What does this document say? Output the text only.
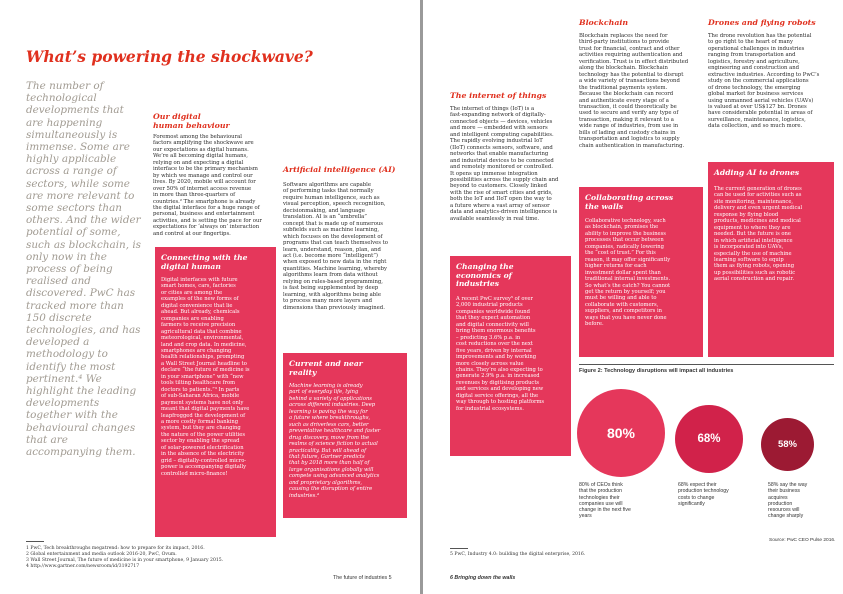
What’s powering the shockwave?
The number of technological developments that are happening simultaneously is immense. Some are highly applicable across a range of sectors, while some are more relevant to some sectors than others. And the wider potential of some, such as blockchain, is only now in the process of being realised and discovered. PwC has tracked more than 150 discrete technologies, and has developed a methodology to identify the most pertinent.⁴ We highlight the leading developments together with the behavioural changes that are accompanying them.
Our digital
human behaviour
Foremost among the behavioural
factors amplifying the shockwave are
our expectations as digital humans.
We’re all becoming digital humans,
relying on and expecting a digital
interface to be the primary mechanism
by which we manage and control our
lives. By 2020, mobile will account for
over 50% of internet access revenue
in more than three-quarters of
countries.² The smartphone is already
the digital interface for a huge range of
personal, business and entertainment
activities, and is setting the pace for our
expectations for ‘always on’ interaction
and control at our fingertips.
Artificial intelligence (AI)
Software algorithms are capable
of performing tasks that normally
require human intelligence, such as
visual perception, speech recognition,
decisionmaking, and language
translation. AI is an “umbrella”
concept that is made up of numerous
subfields such as machine learning,
which focuses on the development of
programs that can teach themselves to
learn, understand, reason, plan, and
act (i.e. become more “intelligent”)
when exposed to new data in the right
quantities. Machine learning, whereby
algorithms learn from data without
relying on rules-based programming,
is fast being supplemented by deep
learning, with algorithms being able
to process many more layers and
dimensions than previously imagined.
Connecting with the
digital human
Digital interfaces with future
smart homes, cars, factories
or cities are among the
examples of the new forms of
digital convenience that lie
ahead. But already, chemicals
companies are enabling
farmers to receive precision
agricultural data that combine
meteorological, environmental,
land and crop data. In medicine,
smartphones are changing
health relationships, prompting
a Wall Street Journal headline to
declare “the future of medicine is
in your smartphone” with “new
tools tilting healthcare from
doctors to patients.”³ In parts
of sub-Saharan Africa, mobile
payment systems have not only
meant that digital payments have
leapfrogged the development of
a more costly formal banking
system, but they are changing
the nature of the power utilities
sector by enabling the spread
of solar-powered electrification
in the absence of the electricity
grid – digitally-controlled micro-
power is accompanying digitally
controlled micro-finance!
Current and near
reality
Machine learning is already
part of everyday life, lying
behind a variety of applications
across different industries. Deep
learning is paving the way for
a future where breakthroughs,
such as driverless cars, better
preventative healthcare and faster
drug discovery, move from the
realms of science fiction to actual
practicality. But will ahead of
that future, Gartner predicts
that by 2018 more than half of
large organisations globally will
compete using advanced analytics
and proprietary algorithms,
causing the disruption of entire
industries.⁴
1 PwC, Tech breakthroughs megatrend: how to prepare for its impact, 2016.
2 Global entertainment and media outlook 2016-20, PwC, Ovum.
3 Wall Street Journal, The future of medicine is in your smartphone, 9 January 2015.
4 http://www.gartner.com/newsroom/id/3192717
The future of industries 5
The internet of things
The internet of things (IoT) is a
fast-expanding network of digitally-
connected objects — devices, vehicles
and more — embedded with sensors
and intelligent computing capabilities.
The rapidly evolving industrial IoT
(IIoT) connects sensors, software, and
networks that enable manufacturing
and industrial devices to be connected
and remotely monitored or controlled.
It opens up immense integration
possibilities across the supply chain and
beyond to customers. Closely linked
with the rise of smart cities and grids,
both the IoT and IIoT open the way to
a future where a vast array of sensor
data and analytics-driven intelligence is
available seamlessly in real time.
Blockchain
Blockchain replaces the need for
third-party institutions to provide
trust for financial, contract and other
activities requiring authentication and
verification. Trust is in effect distributed
along the blockchain. Blockchain
technology has the potential to disrupt
a wide variety of transactions beyond
the traditional payments system.
Because the blockchain can record
and authenticate every stage of a
transaction, it could theoretically be
used to secure and verify any type of
transaction, making it relevant to a
wide range of industries, from use in
bills of lading and custody chains in
transportation and logistics to supply
chain authentication in manufacturing.
Drones and flying robots
The drone revolution has the potential
to go right to the heart of many
operational challenges in industries
ranging from transportation and
logistics, forestry and agriculture,
engineering and construction and
extractive industries. According to PwC’s
study on the commercial applications
of drone technology, the emerging
global market for business services
using unmanned aerial vehicles (UAVs)
is valued at over US$127 bn. Drones
have considerable potential in areas of
surveillance, maintenance, logistics,
data collection, and so much more.
Changing the
economics of
industries
A recent PwC survey⁵ of over
2,000 industrial products
companies worldwide found
that they expect automation
and digital connectivity will
bring them enormous benefits
– predicting 3.6% p.a. in
cost reductions over the next
five years, driven by internal
improvements and by working
more closely across value
chains. They’re also expecting to
generate 2.9% p.a. in increased
revenues by digitising products
and services and developing new
digital service offerings, all the
way through to hosting platforms
for industrial ecosystems.
Collaborating across
the walls
Collaborative technology, such
as blockchain, promises the
ability to improve the business
processes that occur between
companies, radically lowering
the “cost of trust.” For this
reason, it may offer significantly
higher returns for each
investment dollar spent than
traditional internal investments.
So what’s the catch? You cannot
get the return by yourself; you
must be willing and able to
collaborate with customers,
suppliers, and competitors in
ways that you have never done
before.
Adding AI to drones
The current generation of drones
can be used for activities such as
site monitoring, maintenance,
delivery and even urgent medical
response by flying blood
products, medicines and medical
equipment to where they are
needed. But the future is one
in which artificial intelligence
is incorporated into UAVs,
especially the use of machine
learning software to equip
them as flying robots, opening
up possibilities such as robotic
aerial construction and repair.
Figure 2: Technology disruptions will impact all industries
80%	68%	58%
80% of CEOs think
that the production
technologies their
companies use will
change in the next five
years
68% expect their
production technology
costs to change
significantly
58% say the way
their business
acquires
production
resources will
change sharply
Source: PwC CEO Pulse 2016.
5 PwC, Industry 4.0: building the digital enterprise, 2016.
6 Bringing down the walls
